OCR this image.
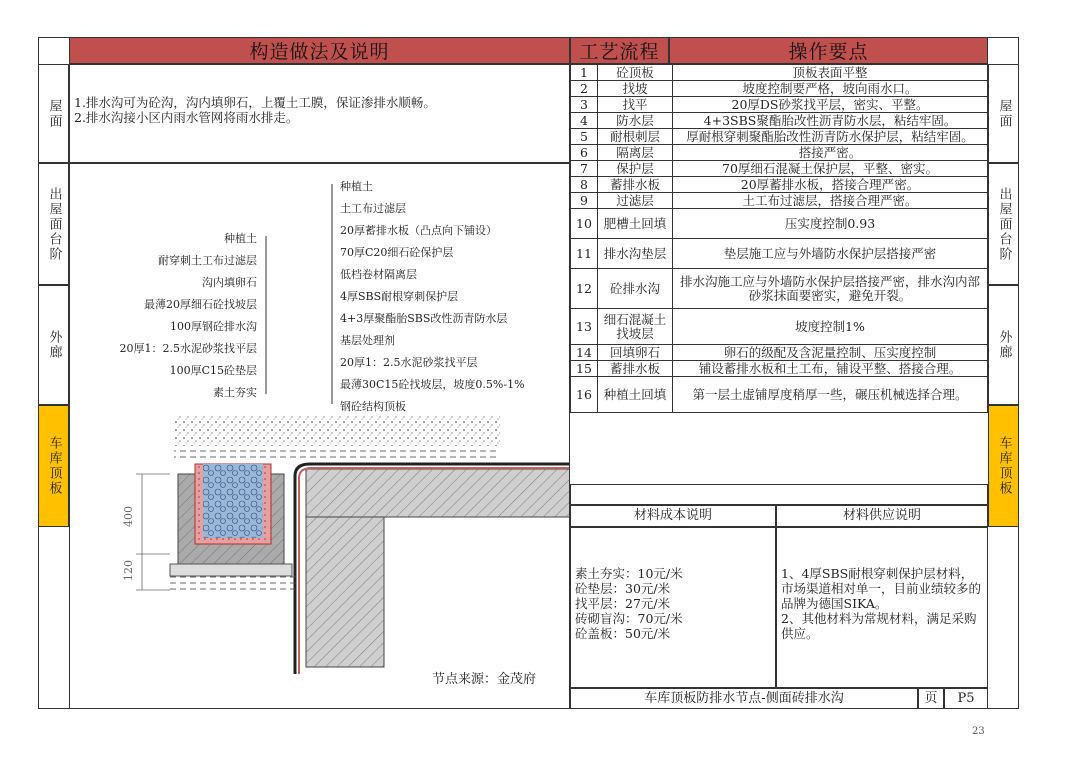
构造做法及说明	工艺流程	操作要点
屋面
出屋面台阶
外廊
车库顶板
屋面
出屋面台阶
外廊
车库顶板
1.排水沟可为砼沟，沟内填卵石，上覆土工膜，保证渗排水顺畅。
2.排水沟接小区内雨水管网将雨水排走。
400
120
种植土
耐穿刺土工布过滤层
沟内填卵石
最薄20厚细石砼找坡层
100厚钢砼排水沟
20厚1：2.5水泥砂浆找平层
100厚C15砼垫层
素土夯实
种植土
土工布过滤层
20厚蓄排水板（凸点向下铺设）
70厚C20细石砼保护层
低档卷材隔离层
4厚SBS耐根穿刺保护层
4+3厚聚酯胎SBS改性沥青防水层
基层处理剂
20厚1：2.5水泥砂浆找平层
最薄30C15砼找坡层，坡度0.5%-1%
钢砼结构顶板
节点来源：金茂府
1	砼顶板	顶板表面平整
2	找坡	坡度控制要严格，坡向雨水口。
3	找平	20厚DS砂浆找平层，密实、平整。
4	防水层	4+3SBS聚酯胎改性沥青防水层，粘结牢固。
5	耐根刺层	厚耐根穿刺聚酯胎改性沥青防水保护层，粘结牢固。
6	隔离层	搭接严密。
7	保护层	70厚细石混凝土保护层，平整、密实。
8	蓄排水板	20厚蓄排水板，搭接合理严密。
9	过滤层	土工布过滤层，搭接合理严密。
10	肥槽土回填	压实度控制0.93
11	排水沟垫层	垫层施工应与外墙防水保护层搭接严密
12	砼排水沟	排水沟施工应与外墙防水保护层搭接严密，排水沟内部砂浆抹面要密实，避免开裂。
13	细石混凝土找坡层	坡度控制1%
14	回填卵石	卵石的级配及含泥量控制、压实度控制
15	蓄排水板	铺设蓄排水板和土工布，铺设平整、搭接合理。
16	种植土回填	第一层土虚铺厚度稍厚一些，碾压机械选择合理。
材料成本说明	材料供应说明
素土夯实：10元/米
砼垫层：30元/米
找平层：27元/米
砖砌盲沟：70元/米
砼盖板：50元/米
1、4厚SBS耐根穿刺保护层材料，市场渠道相对单一，目前业绩较多的品牌为德国SIKA。
2、其他材料为常规材料，满足采购供应。
车库顶板防排水节点-侧面砖排水沟	页	P5
23
